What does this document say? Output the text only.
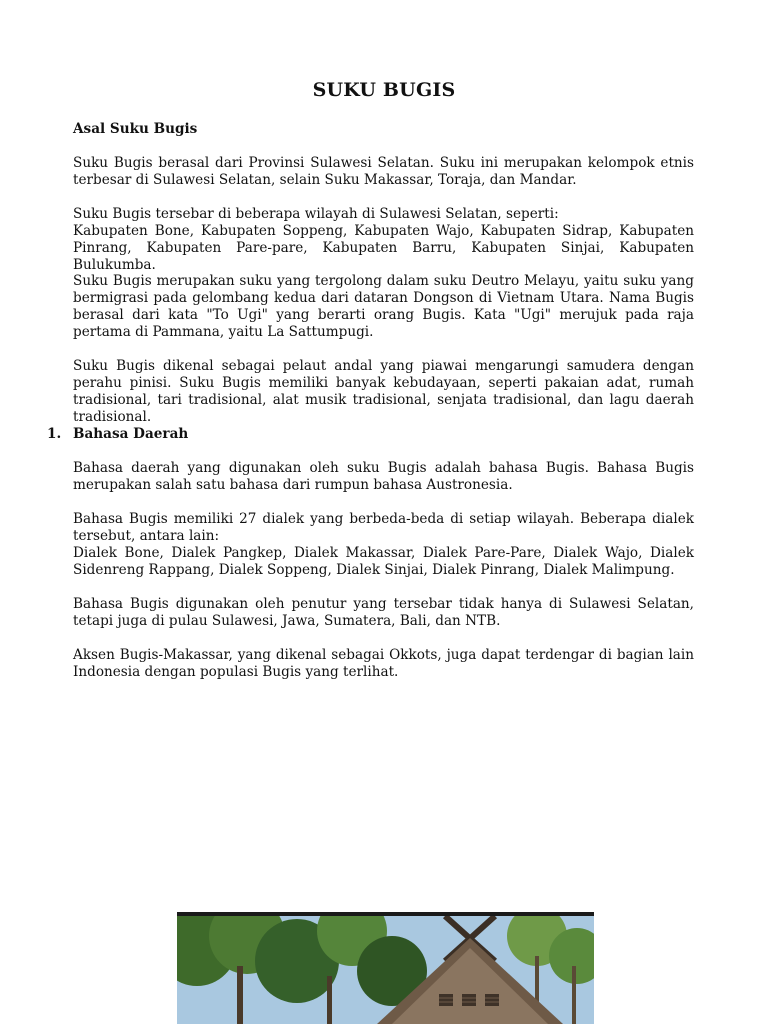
SUKU BUGIS

Asal Suku Bugis

Suku Bugis berasal dari Provinsi Sulawesi Selatan. Suku ini merupakan kelompok etnis terbesar di Sulawesi Selatan, selain Suku Makassar, Toraja, dan Mandar.

Suku Bugis tersebar di beberapa wilayah di Sulawesi Selatan, seperti:

Kabupaten Bone, Kabupaten Soppeng, Kabupaten Wajo, Kabupaten Sidrap, Kabupaten Pinrang, Kabupaten Pare-pare, Kabupaten Barru, Kabupaten Sinjai, Kabupaten Bulukumba.

Suku Bugis merupakan suku yang tergolong dalam suku Deutro Melayu, yaitu suku yang bermigrasi pada gelombang kedua dari dataran Dongson di Vietnam Utara. Nama Bugis berasal dari kata "To Ugi" yang berarti orang Bugis. Kata "Ugi" merujuk pada raja pertama di Pammana, yaitu La Sattumpugi.

Suku Bugis dikenal sebagai pelaut andal yang piawai mengarungi samudera dengan perahu pinisi. Suku Bugis memiliki banyak kebudayaan, seperti pakaian adat, rumah tradisional, tari tradisional, alat musik tradisional, senjata tradisional, dan lagu daerah tradisional.

1. Bahasa Daerah

Bahasa daerah yang digunakan oleh suku Bugis adalah bahasa Bugis. Bahasa Bugis merupakan salah satu bahasa dari rumpun bahasa Austronesia.

Bahasa Bugis memiliki 27 dialek yang berbeda-beda di setiap wilayah. Beberapa dialek tersebut, antara lain:

Dialek Bone, Dialek Pangkep, Dialek Makassar, Dialek Pare-Pare, Dialek Wajo, Dialek Sidenreng Rappang, Dialek Soppeng, Dialek Sinjai, Dialek Pinrang, Dialek Malimpung.

Bahasa Bugis digunakan oleh penutur yang tersebar tidak hanya di Sulawesi Selatan, tetapi juga di pulau Sulawesi, Jawa, Sumatera, Bali, dan NTB.

Aksen Bugis-Makassar, yang dikenal sebagai Okkots, juga dapat terdengar di bagian lain Indonesia dengan populasi Bugis yang terlihat.
